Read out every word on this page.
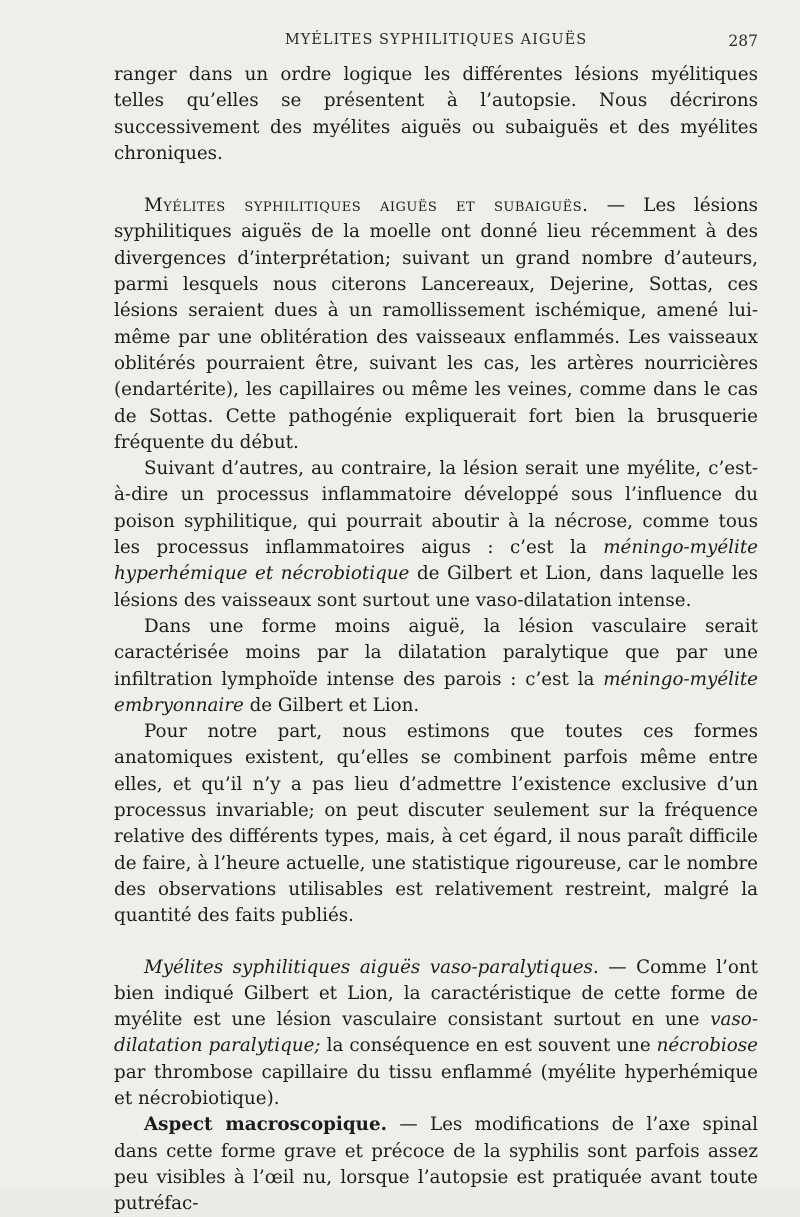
MYÉLITES SYPHILITIQUES AIGUËS	287

ranger dans un ordre logique les différentes lésions myélitiques telles qu’elles se présentent à l’autopsie. Nous décrirons successivement des myélites aiguës ou subaiguës et des myélites chroniques.

Myélites syphilitiques aiguës et subaiguës. — Les lésions syphilitiques aiguës de la moelle ont donné lieu récemment à des divergences d’interprétation; suivant un grand nombre d’auteurs, parmi lesquels nous citerons Lancereaux, Dejerine, Sottas, ces lésions seraient dues à un ramollissement ischémique, amené lui-même par une oblitération des vaisseaux enflammés. Les vaisseaux oblitérés pourraient être, suivant les cas, les artères nourricières (endartérite), les capillaires ou même les veines, comme dans le cas de Sottas. Cette pathogénie expliquerait fort bien la brusquerie fréquente du début.

Suivant d’autres, au contraire, la lésion serait une myélite, c’est-à-dire un processus inflammatoire développé sous l’influence du poison syphilitique, qui pourrait aboutir à la nécrose, comme tous les processus inflammatoires aigus : c’est la méningo-myélite hyperhémique et nécrobiotique de Gilbert et Lion, dans laquelle les lésions des vaisseaux sont surtout une vaso-dilatation intense.

Dans une forme moins aiguë, la lésion vasculaire serait caractérisée moins par la dilatation paralytique que par une infiltration lymphoïde intense des parois : c’est la méningo-myélite embryonnaire de Gilbert et Lion.

Pour notre part, nous estimons que toutes ces formes anatomiques existent, qu’elles se combinent parfois même entre elles, et qu’il n’y a pas lieu d’admettre l’existence exclusive d’un processus invariable; on peut discuter seulement sur la fréquence relative des différents types, mais, à cet égard, il nous paraît difficile de faire, à l’heure actuelle, une statistique rigoureuse, car le nombre des observations utilisables est relativement restreint, malgré la quantité des faits publiés.

Myélites syphilitiques aiguës vaso-paralytiques. — Comme l’ont bien indiqué Gilbert et Lion, la caractéristique de cette forme de myélite est une lésion vasculaire consistant surtout en une vaso-dilatation paralytique; la conséquence en est souvent une nécrobiose par thrombose capillaire du tissu enflammé (myélite hyperhémique et nécrobiotique).

Aspect macroscopique. — Les modifications de l’axe spinal dans cette forme grave et précoce de la syphilis sont parfois assez peu visibles à l’œil nu, lorsque l’autopsie est pratiquée avant toute putréfac-
